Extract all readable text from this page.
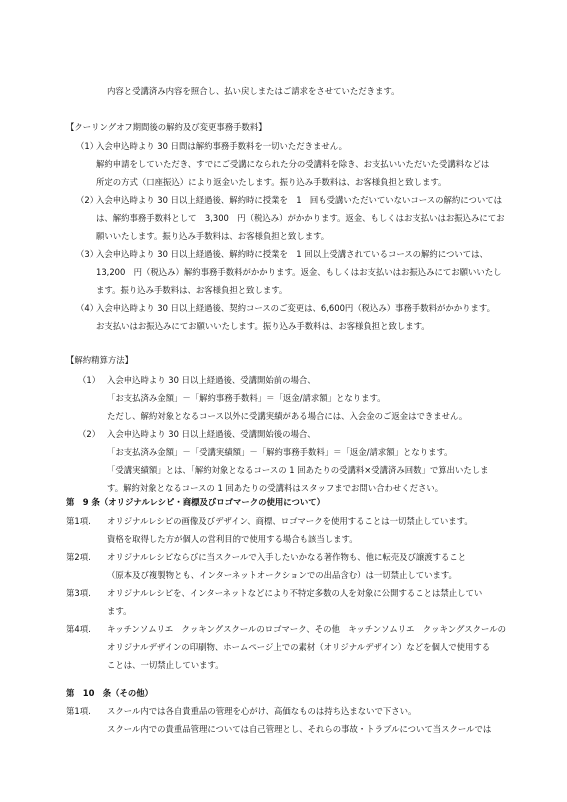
内容と受講済み内容を照合し、払い戻しまたはご請求をさせていただきます。
【クーリングオフ期間後の解約及び変更事務手数料】
（1）
入会申込時より 30 日間は解約事務手数料を一切いただきません。
解約申請をしていただき、すでにご受講になられた分の受講料を除き、お支払いいただいた受講料などは
所定の方式（口座振込）により返金いたします。振り込み手数料は、お客様負担と致します。
（2）
入会申込時より 30 日以上経過後、解約時に授業を　1　回も受講いただいていないコースの解約については
は、解約事務手数料として　3,300　円（税込み）がかかります。返金、もしくはお支払いはお振込みにてお
願いいたします。振り込み手数料は、お客様負担と致します。
（3）
入会申込時より 30 日以上経過後、解約時に授業を　1 回以上受講されているコースの解約については、
13,200　円（税込み）解約事務手数料がかかります。返金、もしくはお支払いはお振込みにてお願いいたし
ます。振り込み手数料は、お客様負担と致します。
（4）
入会申込時より 30 日以上経過後、契約コースのご変更は、6,600円（税込み）事務手数料がかかります。
お支払いはお振込みにてお願いいたします。振り込み手数料は、お客様負担と致します。
【解約精算方法】
（1） 入会申込時より 30 日以上経過後、受講開始前の場合、
「お支払済み金額」－「解約事務手数料」＝「返金/請求額」となります。
ただし、解約対象となるコース以外に受講実績がある場合には、入会金のご返金はできません。
（2） 入会申込時より 30 日以上経過後、受講開始後の場合、
「お支払済み金額」－「受講実績額」－「解約事務手数料」＝「返金/請求額」となります。
「受講実績額」とは、「解約対象となるコースの 1 回あたりの受講料×受講済み回数」で算出いたしま
す。解約対象となるコースの 1 回あたりの受講料はスタッフまでお問い合わせください。
第　9 条（オリジナルレシピ・商標及びロゴマークの使用について）
第1項. オリジナルレシピの画像及びデザイン、商標、ロゴマークを使用することは一切禁止しています。
資格を取得した方が個人の営利目的で使用する場合も該当します。
第2項. オリジナルレシピならびに当スクールで入手したいかなる著作物も、他に転売及び譲渡すること
（原本及び複製物とも、インターネットオークションでの出品含む）は一切禁止しています。
第3項. オリジナルレシピを、インターネットなどにより不特定多数の人を対象に公開することは禁止してい
ます。
第4項. キッチンソムリエ　クッキングスクールのロゴマーク、その他　キッチンソムリエ　クッキングスクールの
オリジナルデザインの印刷物、ホームページ上での素材（オリジナルデザイン）などを個人で使用する
ことは、一切禁止しています。
第　10　条（その他）
第1項. スクール内では各自貴重品の管理を心がけ、高価なものは持ち込まないで下さい。
スクール内での貴重品管理については自己管理とし、それらの事故・トラブルについて当スクールでは
